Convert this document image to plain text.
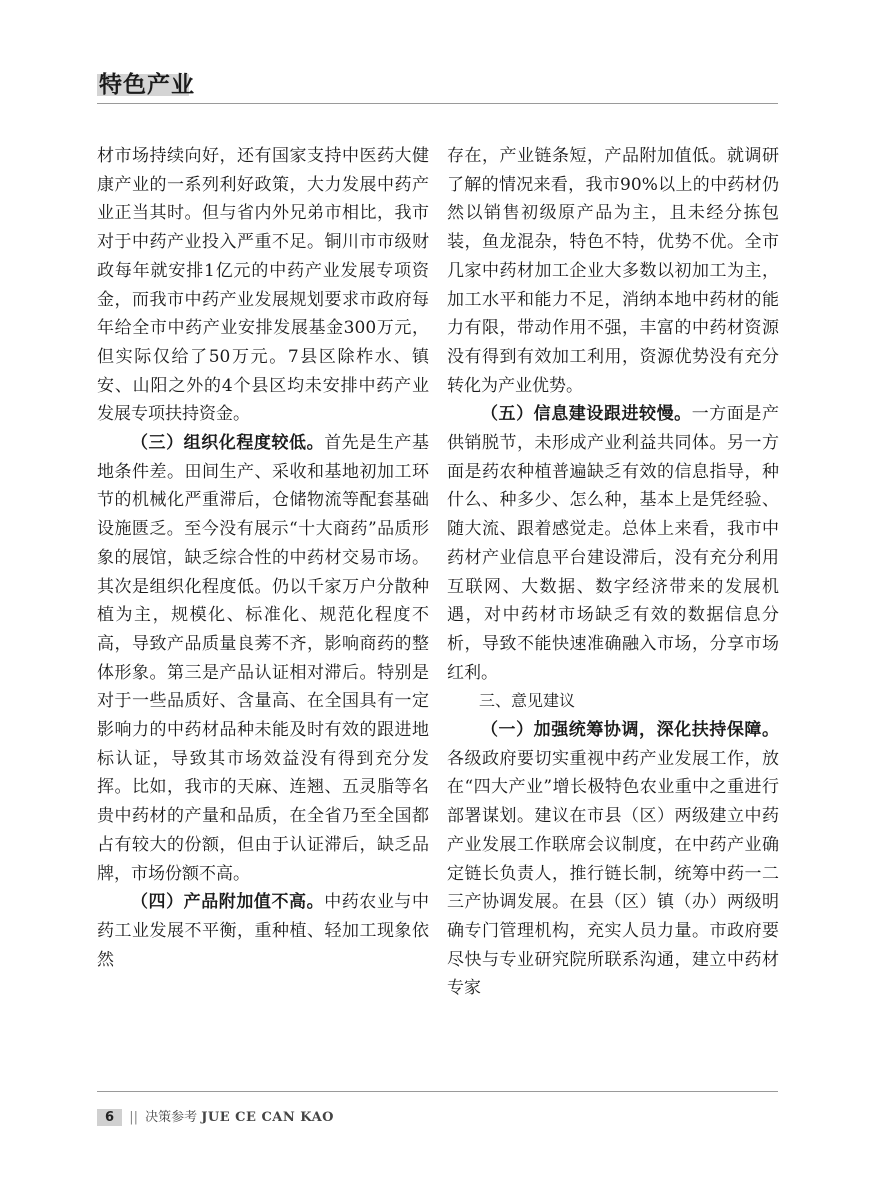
特色产业

材市场持续向好，还有国家支持中医药大健康产业的一系列利好政策，大力发展中药产业正当其时。但与省内外兄弟市相比，我市对于中药产业投入严重不足。铜川市市级财政每年就安排1亿元的中药产业发展专项资金，而我市中药产业发展规划要求市政府每年给全市中药产业安排发展基金300万元，但实际仅给了50万元。7县区除柞水、镇安、山阳之外的4个县区均未安排中药产业发展专项扶持资金。

（三）组织化程度较低。首先是生产基地条件差。田间生产、采收和基地初加工环节的机械化严重滞后，仓储物流等配套基础设施匮乏。至今没有展示“十大商药”品质形象的展馆，缺乏综合性的中药材交易市场。其次是组织化程度低。仍以千家万户分散种植为主，规模化、标准化、规范化程度不高，导致产品质量良莠不齐，影响商药的整体形象。第三是产品认证相对滞后。特别是对于一些品质好、含量高、在全国具有一定影响力的中药材品种未能及时有效的跟进地标认证，导致其市场效益没有得到充分发挥。比如，我市的天麻、连翘、五灵脂等名贵中药材的产量和品质，在全省乃至全国都占有较大的份额，但由于认证滞后，缺乏品牌，市场份额不高。

（四）产品附加值不高。中药农业与中药工业发展不平衡，重种植、轻加工现象依然

存在，产业链条短，产品附加值低。就调研了解的情况来看，我市90%以上的中药材仍然以销售初级原产品为主，且未经分拣包装，鱼龙混杂，特色不特，优势不优。全市几家中药材加工企业大多数以初加工为主，加工水平和能力不足，消纳本地中药材的能力有限，带动作用不强，丰富的中药材资源没有得到有效加工利用，资源优势没有充分转化为产业优势。

（五）信息建设跟进较慢。一方面是产供销脱节，未形成产业利益共同体。另一方面是药农种植普遍缺乏有效的信息指导，种什么、种多少、怎么种，基本上是凭经验、随大流、跟着感觉走。总体上来看，我市中药材产业信息平台建设滞后，没有充分利用互联网、大数据、数字经济带来的发展机遇，对中药材市场缺乏有效的数据信息分析，导致不能快速准确融入市场，分享市场红利。

三、意见建议

（一）加强统筹协调，深化扶持保障。各级政府要切实重视中药产业发展工作，放在“四大产业”增长极特色农业重中之重进行部署谋划。建议在市县（区）两级建立中药产业发展工作联席会议制度，在中药产业确定链长负责人，推行链长制，统筹中药一二三产协调发展。在县（区）镇（办）两级明确专门管理机构，充实人员力量。市政府要尽快与专业研究院所联系沟通，建立中药材专家

6 || 决策参考 JUE CE CAN KAO
